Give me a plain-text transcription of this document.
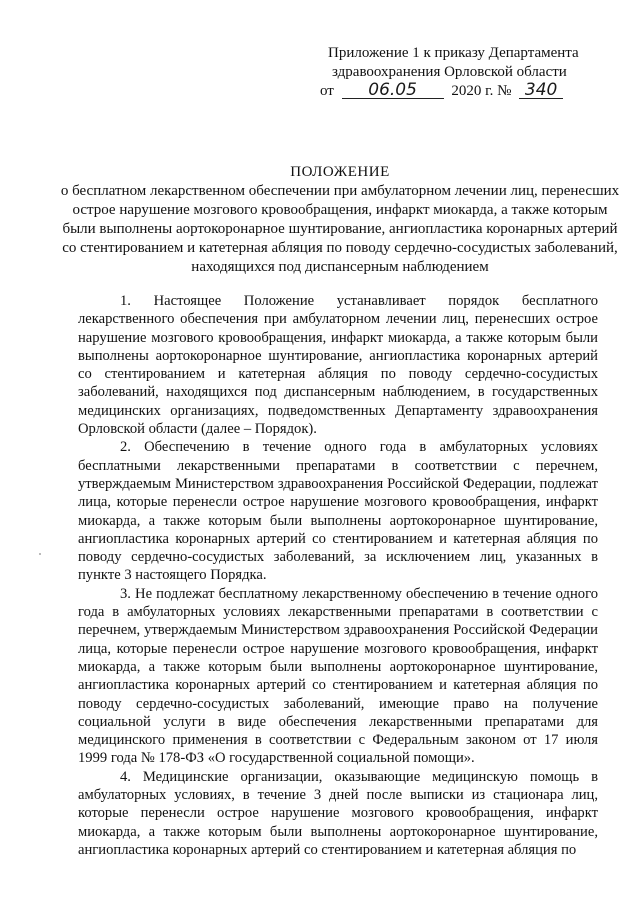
Приложение 1 к приказу Департамента
здравоохранения Орловской области
от 06.05 2020 г. № 340
ПОЛОЖЕНИЕ
о бесплатном лекарственном обеспечении при амбулаторном лечении лиц, перенесших острое нарушение мозгового кровообращения, инфаркт миокарда, а также которым были выполнены аортокоронарное шунтирование, ангиопластика коронарных артерий со стентированием и катетерная абляция по поводу сердечно-сосудистых заболеваний, находящихся под диспансерным наблюдением

1. Настоящее Положение устанавливает порядок бесплатного лекарственного обеспечения при амбулаторном лечении лиц, перенесших острое нарушение мозгового кровообращения, инфаркт миокарда, а также которым были выполнены аортокоронарное шунтирование, ангиопластика коронарных артерий со стентированием и катетерная абляция по поводу сердечно-сосудистых заболеваний, находящихся под диспансерным наблюдением, в государственных медицинских организациях, подведомственных Департаменту здравоохранения Орловской области (далее – Порядок).

2. Обеспечению в течение одного года в амбулаторных условиях бесплатными лекарственными препаратами в соответствии с перечнем, утверждаемым Министерством здравоохранения Российской Федерации, подлежат лица, которые перенесли острое нарушение мозгового кровообращения, инфаркт миокарда, а также которым были выполнены аортокоронарное шунтирование, ангиопластика коронарных артерий со стентированием и катетерная абляция по поводу сердечно-сосудистых заболеваний, за исключением лиц, указанных в пункте 3 настоящего Порядка.

3. Не подлежат бесплатному лекарственному обеспечению в течение одного года в амбулаторных условиях лекарственными препаратами в соответствии с перечнем, утверждаемым Министерством здравоохранения Российской Федерации лица, которые перенесли острое нарушение мозгового кровообращения, инфаркт миокарда, а также которым были выполнены аортокоронарное шунтирование, ангиопластика коронарных артерий со стентированием и катетерная абляция по поводу сердечно-сосудистых заболеваний, имеющие право на получение социальной услуги в виде обеспечения лекарственными препаратами для медицинского применения в соответствии с Федеральным законом от 17 июля 1999 года № 178-ФЗ «О государственной социальной помощи».

4. Медицинские организации, оказывающие медицинскую помощь в амбулаторных условиях, в течение 3 дней после выписки из стационара лиц, которые перенесли острое нарушение мозгового кровообращения, инфаркт миокарда, а также которым были выполнены аортокоронарное шунтирование, ангиопластика коронарных артерий со стентированием и катетерная абляция по
